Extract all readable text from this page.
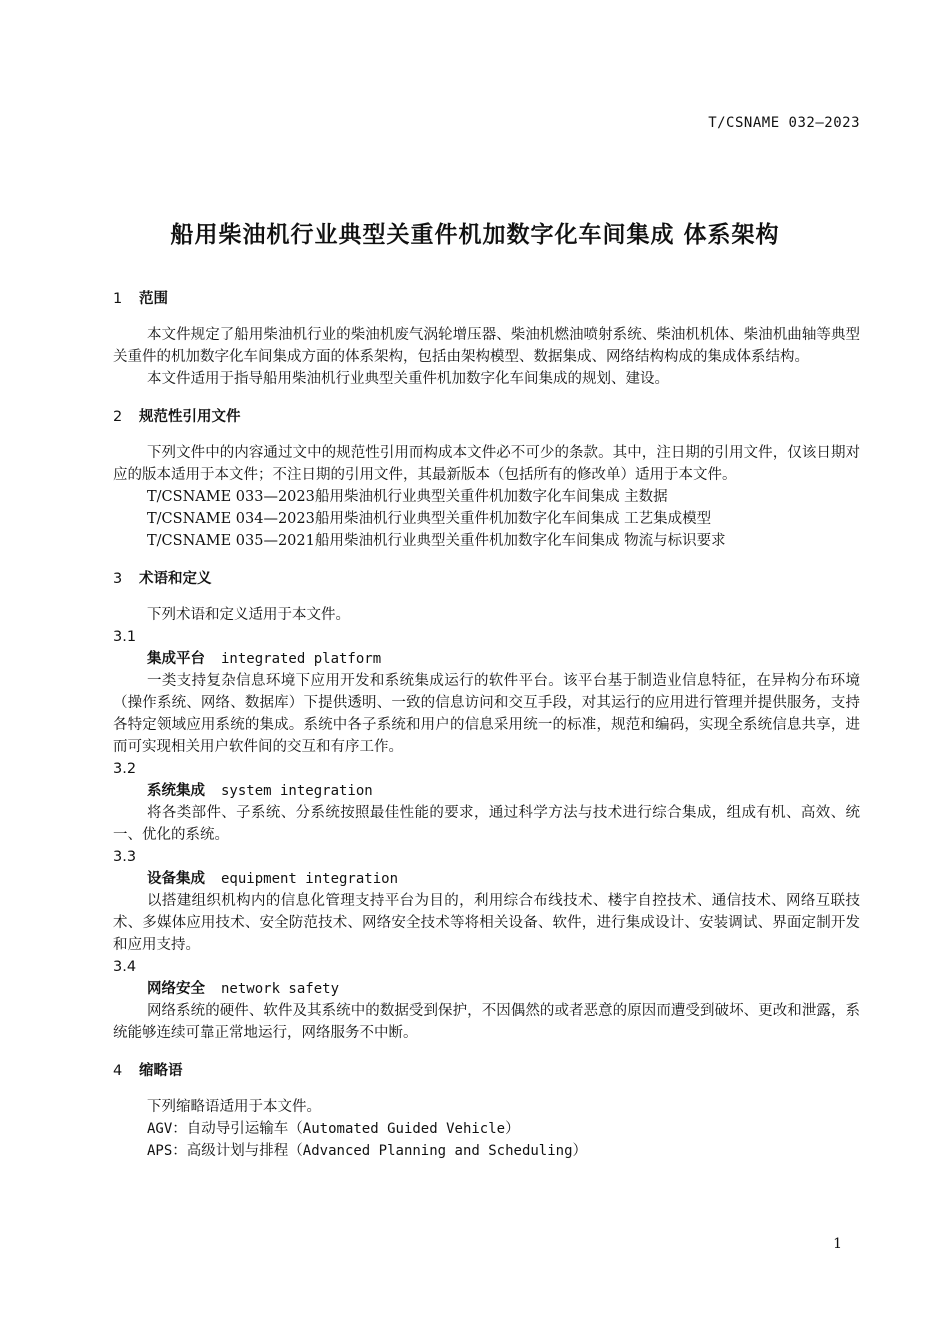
T/CSNAME 032—2023
船用柴油机行业典型关重件机加数字化车间集成 体系架构
1 范围
本文件规定了船用柴油机行业的柴油机废气涡轮增压器、柴油机燃油喷射系统、柴油机机体、柴油机曲轴等典型关重件的机加数字化车间集成方面的体系架构，包括由架构模型、数据集成、网络结构构成的集成体系结构。
本文件适用于指导船用柴油机行业典型关重件机加数字化车间集成的规划、建设。
2 规范性引用文件
下列文件中的内容通过文中的规范性引用而构成本文件必不可少的条款。其中，注日期的引用文件，仅该日期对应的版本适用于本文件；不注日期的引用文件，其最新版本（包括所有的修改单）适用于本文件。
T/CSNAME 033—2023船用柴油机行业典型关重件机加数字化车间集成 主数据
T/CSNAME 034—2023船用柴油机行业典型关重件机加数字化车间集成 工艺集成模型
T/CSNAME 035—2021船用柴油机行业典型关重件机加数字化车间集成 物流与标识要求
3 术语和定义
下列术语和定义适用于本文件。
3.1
集成平台 integrated platform
一类支持复杂信息环境下应用开发和系统集成运行的软件平台。该平台基于制造业信息特征，在异构分布环境（操作系统、网络、数据库）下提供透明、一致的信息访问和交互手段，对其运行的应用进行管理并提供服务，支持各特定领域应用系统的集成。系统中各子系统和用户的信息采用统一的标准，规范和编码，实现全系统信息共享，进而可实现相关用户软件间的交互和有序工作。
3.2
系统集成 system integration
将各类部件、子系统、分系统按照最佳性能的要求，通过科学方法与技术进行综合集成，组成有机、高效、统一、优化的系统。
3.3
设备集成 equipment integration
以搭建组织机构内的信息化管理支持平台为目的，利用综合布线技术、楼宇自控技术、通信技术、网络互联技术、多媒体应用技术、安全防范技术、网络安全技术等将相关设备、软件，进行集成设计、安装调试、界面定制开发和应用支持。
3.4
网络安全 network safety
网络系统的硬件、软件及其系统中的数据受到保护，不因偶然的或者恶意的原因而遭受到破坏、更改和泄露，系统能够连续可靠正常地运行，网络服务不中断。
4 缩略语
下列缩略语适用于本文件。
AGV：自动导引运输车（Automated Guided Vehicle）
APS：高级计划与排程（Advanced Planning and Scheduling）
1
